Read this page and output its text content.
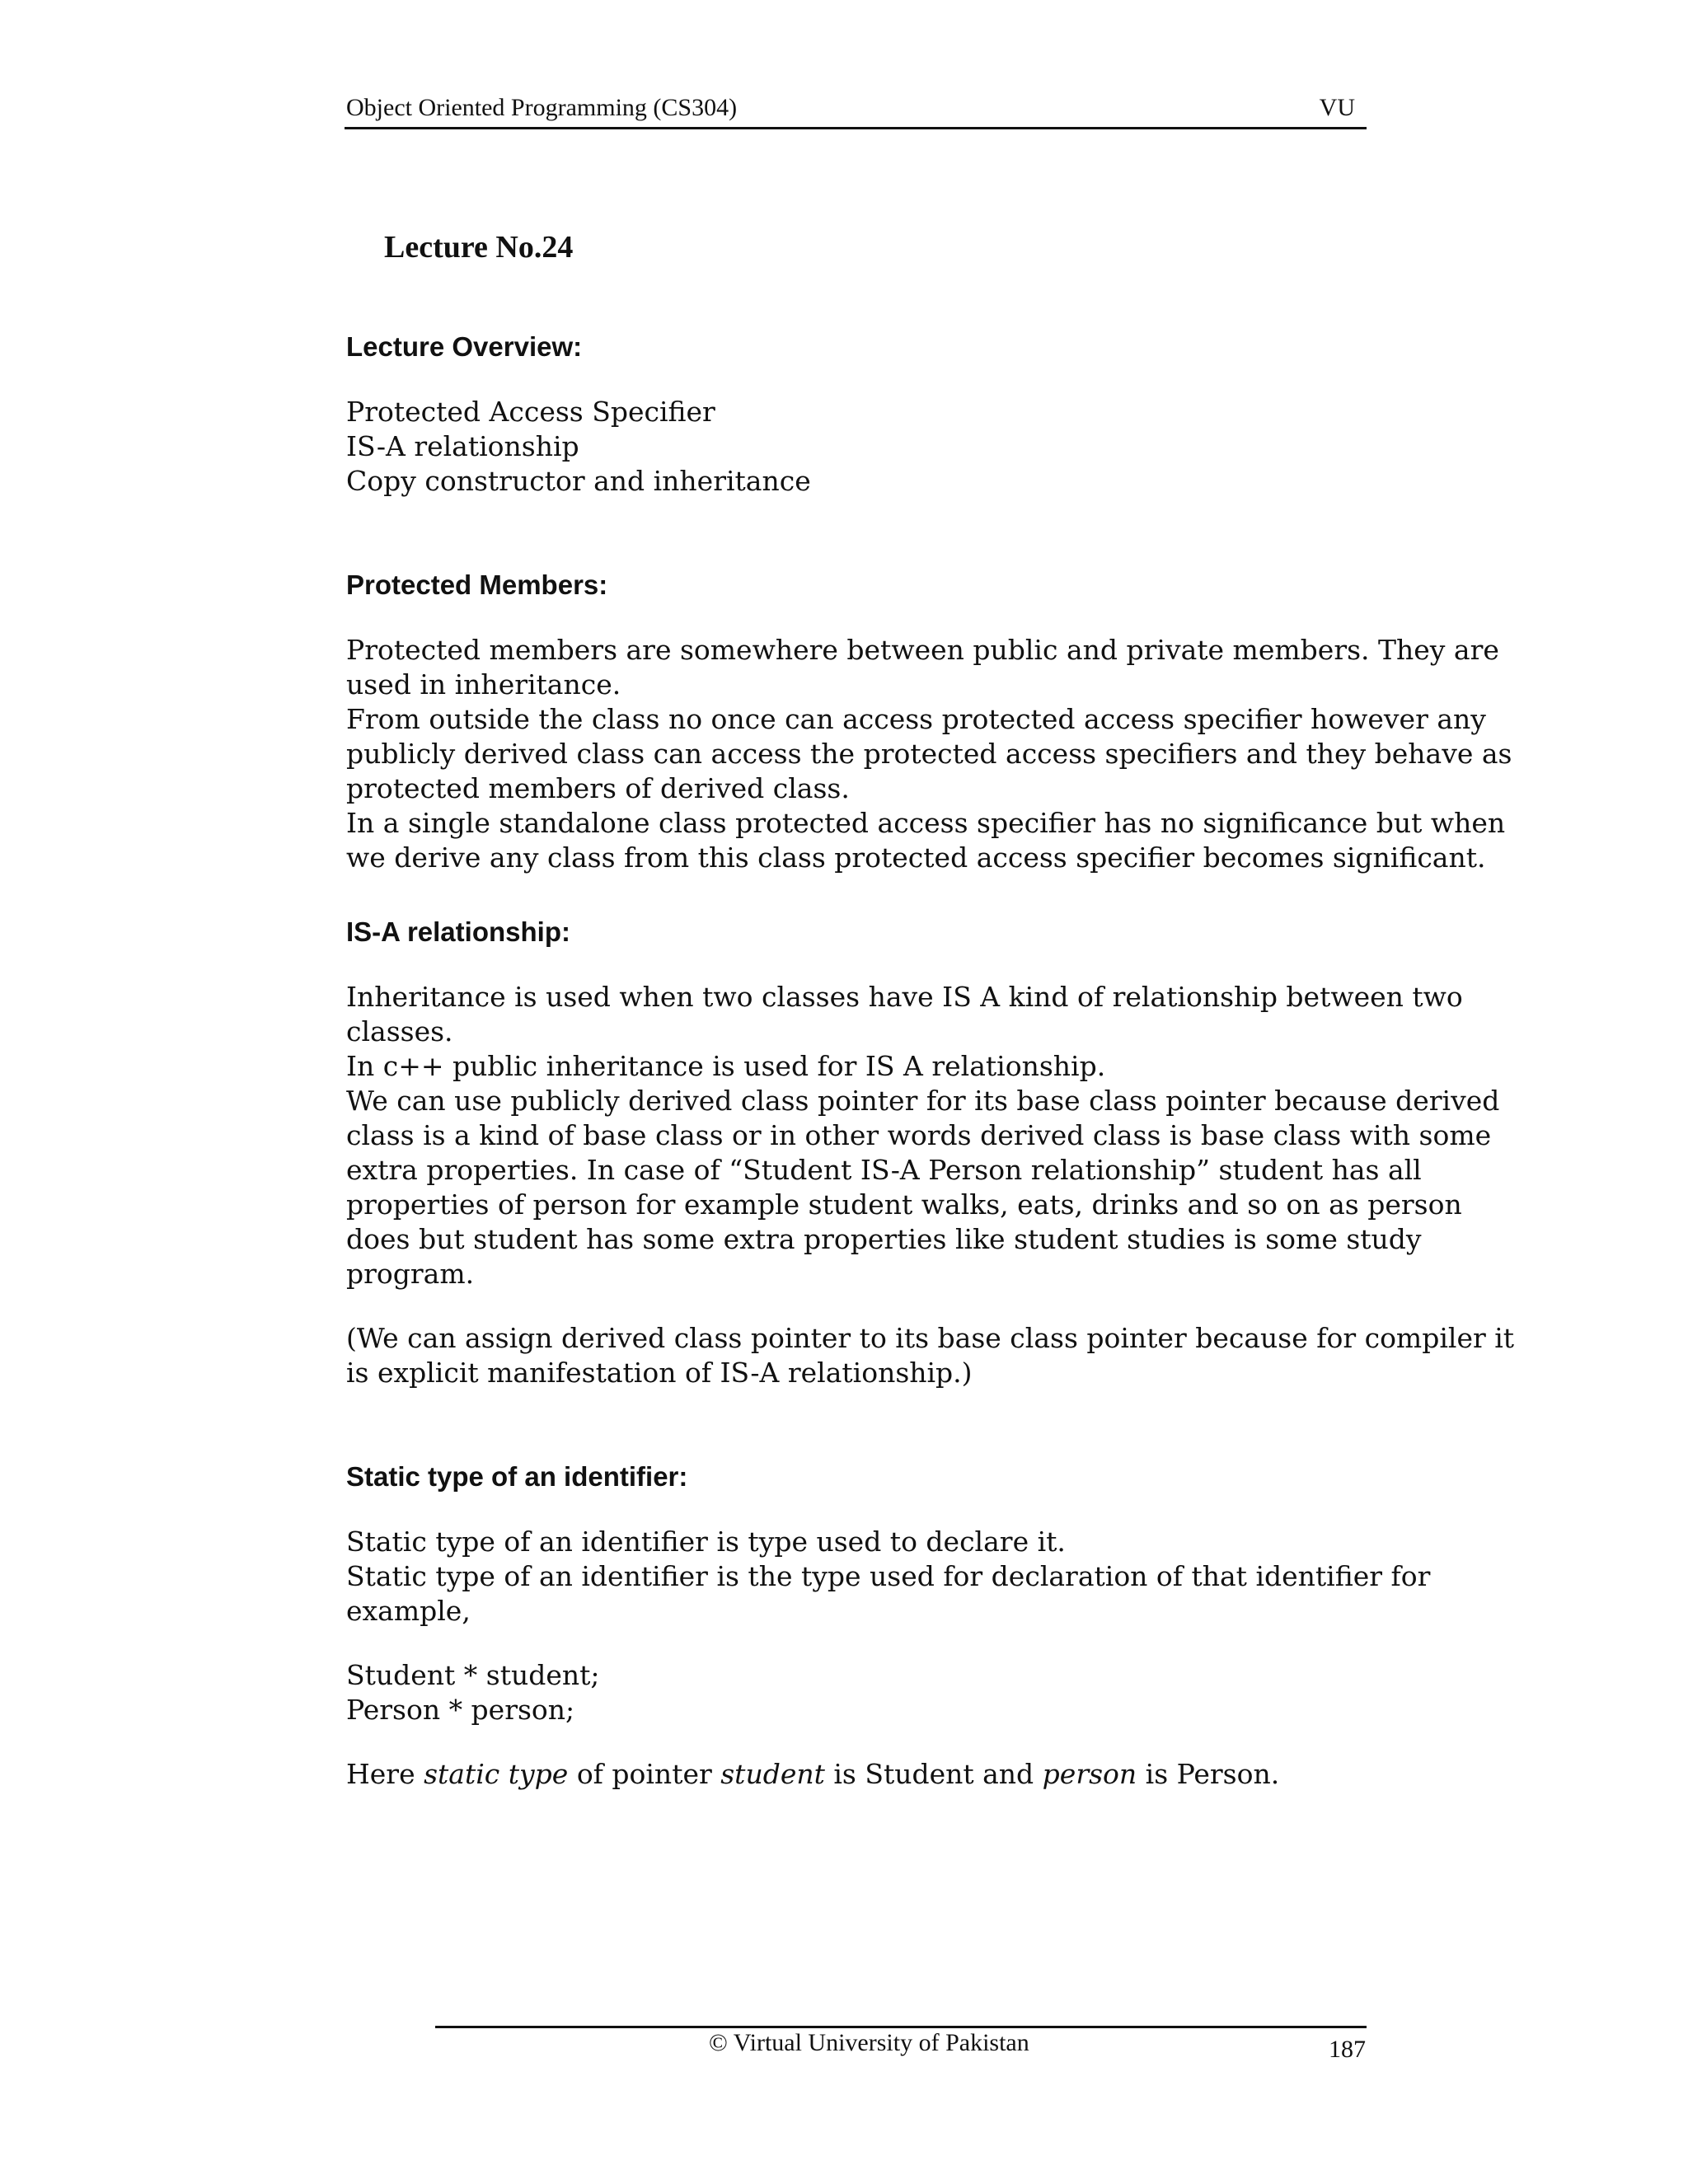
Object Oriented Programming (CS304)	VU
Lecture No.24
Lecture Overview:
Protected Access Specifier
IS-A relationship
Copy constructor and inheritance
Protected Members:
Protected members are somewhere between public and private members. They are
used in inheritance.
From outside the class no once can access protected access specifier however any
publicly derived class can access the protected access specifiers and they behave as
protected members of derived class.
In a single standalone class protected access specifier has no significance but when
we derive any class from this class protected access specifier becomes significant.
IS-A relationship:
Inheritance is used when two classes have IS A kind of relationship between two
classes.
In c++ public inheritance is used for IS A relationship.
We can use publicly derived class pointer for its base class pointer because derived
class is a kind of base class or in other words derived class is base class with some
extra properties. In case of “Student IS-A Person relationship” student has all
properties of person for example student walks, eats, drinks and so on as person
does but student has some extra properties like student studies is some study
program.
(We can assign derived class pointer to its base class pointer because for compiler it
is explicit manifestation of IS-A relationship.)
Static type of an identifier:
Static type of an identifier is type used to declare it.
Static type of an identifier is the type used for declaration of that identifier for
example,
Student * student;
Person * person;
Here static type of pointer student is Student and person is Person.
© Virtual University of Pakistan	187
